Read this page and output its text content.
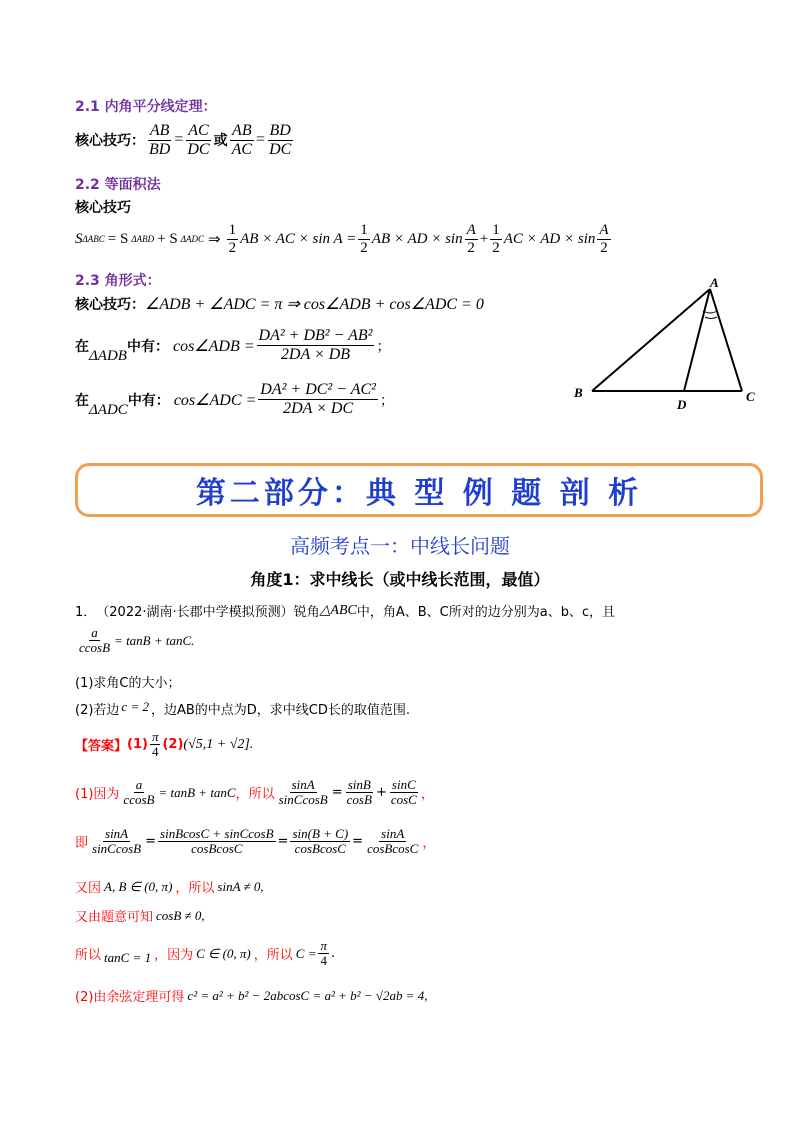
2.1 内角平分线定理：
核心技巧： $\frac{AB}{BD} = \frac{AC}{DC}$ 或 $\frac{AB}{AC} = \frac{BD}{DC}$
2.2 等面积法
核心技巧
S ΔABC = S ΔABD + S ΔADC ⇒ $\frac{1}{2}$ AB × AC × $\sin A = \frac{1}{2}$ AB × AD × $\sin \frac{A}{2} + \frac{1}{2}$ AC × AD × $\sin \frac{A}{2}$
2.3 角形式：
核心技巧： ∠ADB + ∠ADC = π ⇒ cos∠ADB + cos∠ADC = 0
在
ΔADB
中有： cos∠ADB = $\frac{\text{DA² + DB² − AB²}}{2DA \times DB}$ ；
在
ΔADC
中有： cos∠ADC = $\frac{\text{DA² + DC² − AC²}}{2DA \times DC}$ ；
A
B
D
C
第二部分：典 型 例 题 剖 析
高频考点一：中线长问题
角度1：求中线长（或中线长范围，最值）
1． （2022·湖南·长郡中学模拟预测）锐角 △ABC 中，角A、B、C所对的边分别为a、b、c，且
$\frac{a}{ccosB} = \tan B + \tan C$.
(1)求角C的大小；
(2)若边 c = 2 ，边AB的中点为D，求中线CD长的取值范围.
【答案】 $(1) \frac{\pi}{4} (2) (√5,1 + √2]$.
(1)因为 $\frac{a}{ccosB} = \tan B + \tan C$ ，所以 $\frac{\sin A}{\text{sinCcosB}} = \frac{\sin B}{\cos B} + \frac{\sin C}{\cos C}$ ，
即 $\frac{\sin A}{\text{sinCcosB}} = \frac{\text{sinBcosC + sinCcosB}}{\text{cosBcosC}} = \frac{\sin(B + C)}{\text{cosBcosC}} = \frac{\sin A}{\text{cosBcosC}}$ ，
又因 A, B ∈ (0, π) ，所以 sinA ≠ 0,
又由题意可知 cosB ≠ 0,
所以 tanC = 1 ，因为 C ∈ (0, π) ，所以 $C = \frac{\pi}{4}$ .
(2)由余弦定理可得 c² = a² + b² − 2abcosC = a² + b² − √2ab = 4,
